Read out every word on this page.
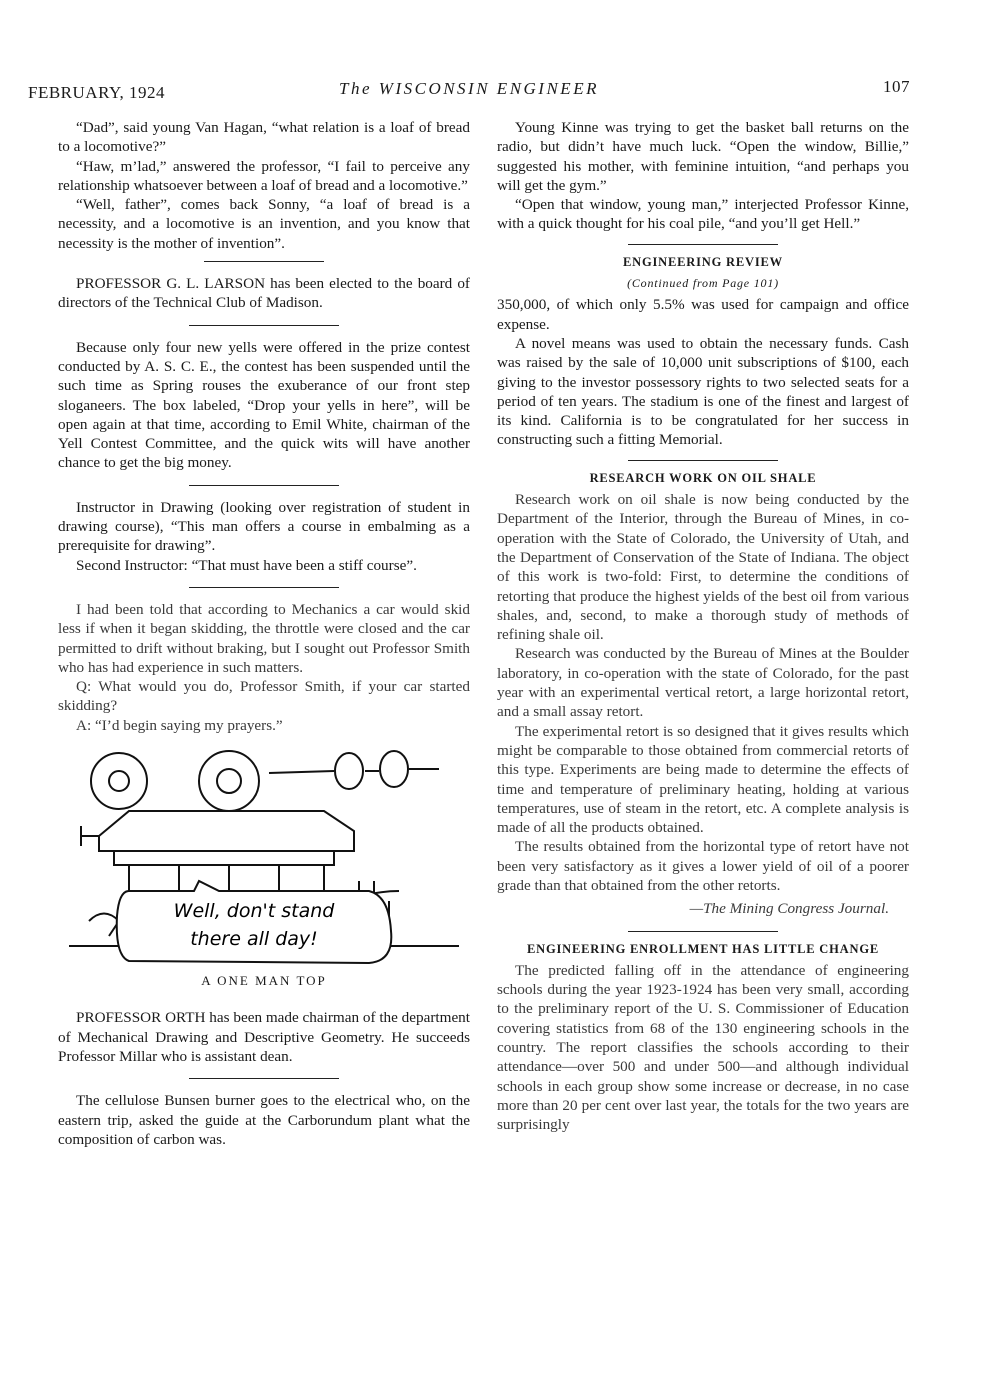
FEBRUARY, 1924	The WISCONSIN ENGINEER	107

“Dad”, said young Van Hagan, “what relation is a loaf of bread to a locomotive?”

“Haw, m’lad,” answered the professor, “I fail to perceive any relationship whatsoever between a loaf of bread and a locomotive.”

“Well, father”, comes back Sonny, “a loaf of bread is a necessity, and a locomotive is an invention, and you know that necessity is the mother of invention”.

PROFESSOR G. L. LARSON has been elected to the board of directors of the Technical Club of Madison.

Because only four new yells were offered in the prize contest conducted by A. S. C. E., the contest has been suspended until the such time as Spring rouses the exuberance of our front step sloganeers. The box labeled, “Drop your yells in here”, will be open again at that time, according to Emil White, chairman of the Yell Contest Committee, and the quick wits will have another chance to get the big money.

Instructor in Drawing (looking over registration of student in drawing course), “This man offers a course in embalming as a prerequisite for drawing”.

Second Instructor: “That must have been a stiff course”.

I had been told that according to Mechanics a car would skid less if when it began skidding, the throttle were closed and the car permitted to drift without braking, but I sought out Professor Smith who has had experience in such matters.

Q: What would you do, Professor Smith, if your car started skidding?

A: “I’d begin saying my prayers.”

Well, don't stand
there all day!

A ONE MAN TOP

PROFESSOR ORTH has been made chairman of the department of Mechanical Drawing and Descriptive Geometry. He succeeds Professor Millar who is assistant dean.

The cellulose Bunsen burner goes to the electrical who, on the eastern trip, asked the guide at the Carborundum plant what the composition of carbon was.

Young Kinne was trying to get the basket ball returns on the radio, but didn’t have much luck. “Open the window, Billie,” suggested his mother, with feminine intuition, “and perhaps you will get the gym.”

“Open that window, young man,” interjected Professor Kinne, with a quick thought for his coal pile, “and you’ll get Hell.”

ENGINEERING REVIEW
(Continued from Page 101)

350,000, of which only 5.5% was used for campaign and office expense.

A novel means was used to obtain the necessary funds. Cash was raised by the sale of 10,000 unit subscriptions of $100, each giving to the investor possessory rights to two selected seats for a period of ten years. The stadium is one of the finest and largest of its kind. California is to be congratulated for her success in constructing such a fitting Memorial.

RESEARCH WORK ON OIL SHALE

Research work on oil shale is now being conducted by the Department of the Interior, through the Bureau of Mines, in co-operation with the State of Colorado, the University of Utah, and the Department of Conservation of the State of Indiana. The object of this work is two-fold: First, to determine the conditions of retorting that produce the highest yields of the best oil from various shales, and, second, to make a thorough study of methods of refining shale oil.

Research was conducted by the Bureau of Mines at the Boulder laboratory, in co-operation with the state of Colorado, for the past year with an experimental vertical retort, a large horizontal retort, and a small assay retort.

The experimental retort is so designed that it gives results which might be comparable to those obtained from commercial retorts of this type. Experiments are being made to determine the effects of time and temperature of preliminary heating, holding at various temperatures, use of steam in the retort, etc. A complete analysis is made of all the products obtained.

The results obtained from the horizontal type of retort have not been very satisfactory as it gives a lower yield of oil of a poorer grade than that obtained from the other retorts.

—The Mining Congress Journal.

ENGINEERING ENROLLMENT HAS LITTLE CHANGE

The predicted falling off in the attendance of engineering schools during the year 1923-1924 has been very small, according to the preliminary report of the U. S. Commissioner of Education covering statistics from 68 of the 130 engineering schools in the country. The report classifies the schools according to their attendance—over 500 and under 500—and although individual schools in each group show some increase or decrease, in no case more than 20 per cent over last year, the totals for the two years are surprisingly
